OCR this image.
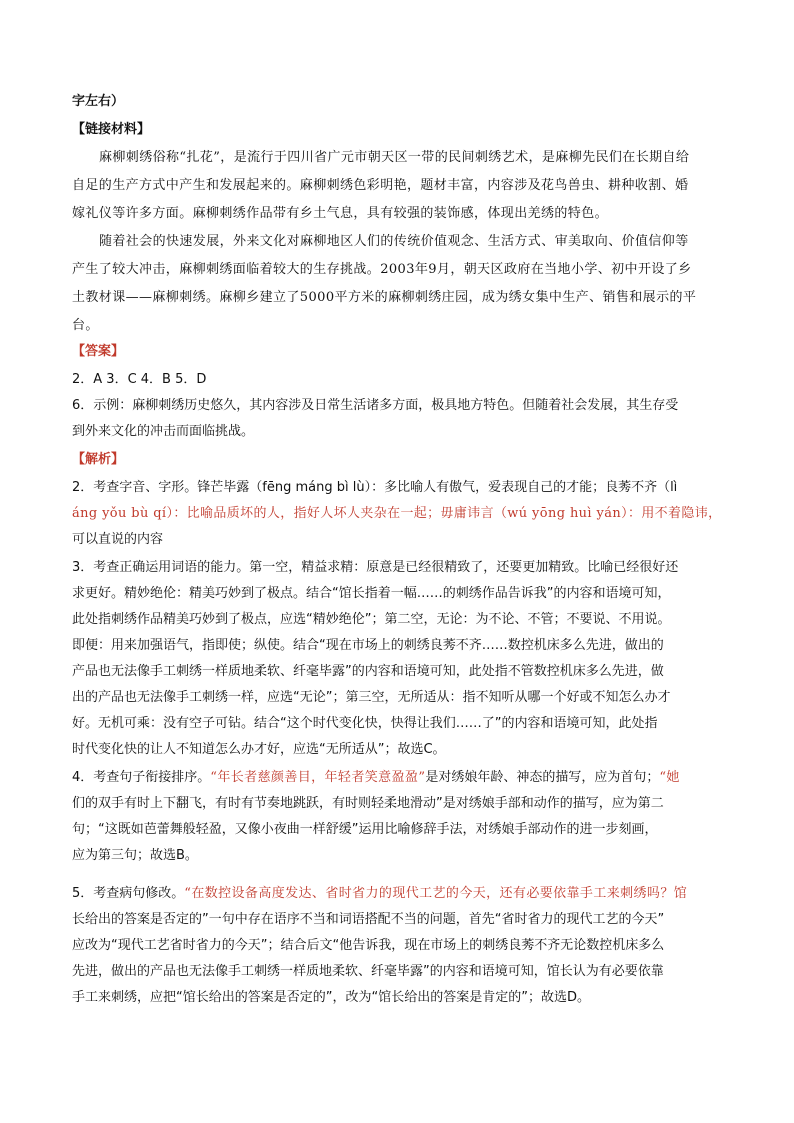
字左右）
【链接材料】
麻柳刺绣俗称“扎花”，是流行于四川省广元市朝天区一带的民间刺绣艺术，是麻柳先民们在长期自给
自足的生产方式中产生和发展起来的。麻柳刺绣色彩明艳，题材丰富，内容涉及花鸟兽虫、耕种收割、婚
嫁礼仪等许多方面。麻柳刺绣作品带有乡土气息，具有较强的装饰感，体现出羌绣的特色。
随着社会的快速发展，外来文化对麻柳地区人们的传统价值观念、生活方式、审美取向、价值信仰等
产生了较大冲击，麻柳刺绣面临着较大的生存挑战。2003年9月，朝天区政府在当地小学、初中开设了乡
土教材课——麻柳刺绣。麻柳乡建立了5000平方米的麻柳刺绣庄园，成为绣女集中生产、销售和展示的平
台。
【答案】
2．A 3．C 4．B 5．D
6．示例：麻柳刺绣历史悠久，其内容涉及日常生活诸多方面，极具地方特色。但随着社会发展，其生存受
到外来文化的冲击而面临挑战。
【解析】
2．考查字音、字形。锋芒毕露（fēng máng bì lù）：多比喻人有傲气，爱表现自己的才能；良莠不齐（lì
áng yǒu bù qí）：比喻品质坏的人，指好人坏人夹杂在一起；毋庸讳言（wú yōng huì yán）：用不着隐讳，
可以直说的内容
3．考查正确运用词语的能力。第一空，精益求精：原意是已经很精致了，还要更加精致。比喻已经很好还
求更好。精妙绝伦：精美巧妙到了极点。结合“馆长指着一幅……的刺绣作品告诉我”的内容和语境可知，
此处指刺绣作品精美巧妙到了极点，应选“精妙绝伦”；第二空，无论：为不论、不管；不要说、不用说。
即便：用来加强语气，指即使；纵使。结合“现在市场上的刺绣良莠不齐……数控机床多么先进，做出的
产品也无法像手工刺绣一样质地柔软、纤毫毕露”的内容和语境可知，此处指不管数控机床多么先进，做
出的产品也无法像手工刺绣一样，应选“无论”；第三空，无所适从：指不知听从哪一个好或不知怎么办才
好。无机可乘：没有空子可钻。结合“这个时代变化快，快得让我们……了”的内容和语境可知，此处指
时代变化快的让人不知道怎么办才好，应选“无所适从”；故选C。
4．考查句子衔接排序。“年长者慈颜善目，年轻者笑意盈盈”是对绣娘年龄、神态的描写，应为首句；“她
们的双手有时上下翻飞，有时有节奏地跳跃，有时则轻柔地滑动”是对绣娘手部和动作的描写，应为第二
句；“这既如芭蕾舞般轻盈，又像小夜曲一样舒缓”运用比喻修辞手法，对绣娘手部动作的进一步刻画，
应为第三句；故选B。
5．考查病句修改。“在数控设备高度发达、省时省力的现代工艺的今天，还有必要依靠手工来刺绣吗？馆
长给出的答案是否定的”一句中存在语序不当和词语搭配不当的问题，首先“省时省力的现代工艺的今天”
应改为“现代工艺省时省力的今天”；结合后文“他告诉我，现在市场上的刺绣良莠不齐无论数控机床多么
先进，做出的产品也无法像手工刺绣一样质地柔软、纤毫毕露”的内容和语境可知，馆长认为有必要依靠
手工来刺绣，应把“馆长给出的答案是否定的”，改为“馆长给出的答案是肯定的”；故选D。
